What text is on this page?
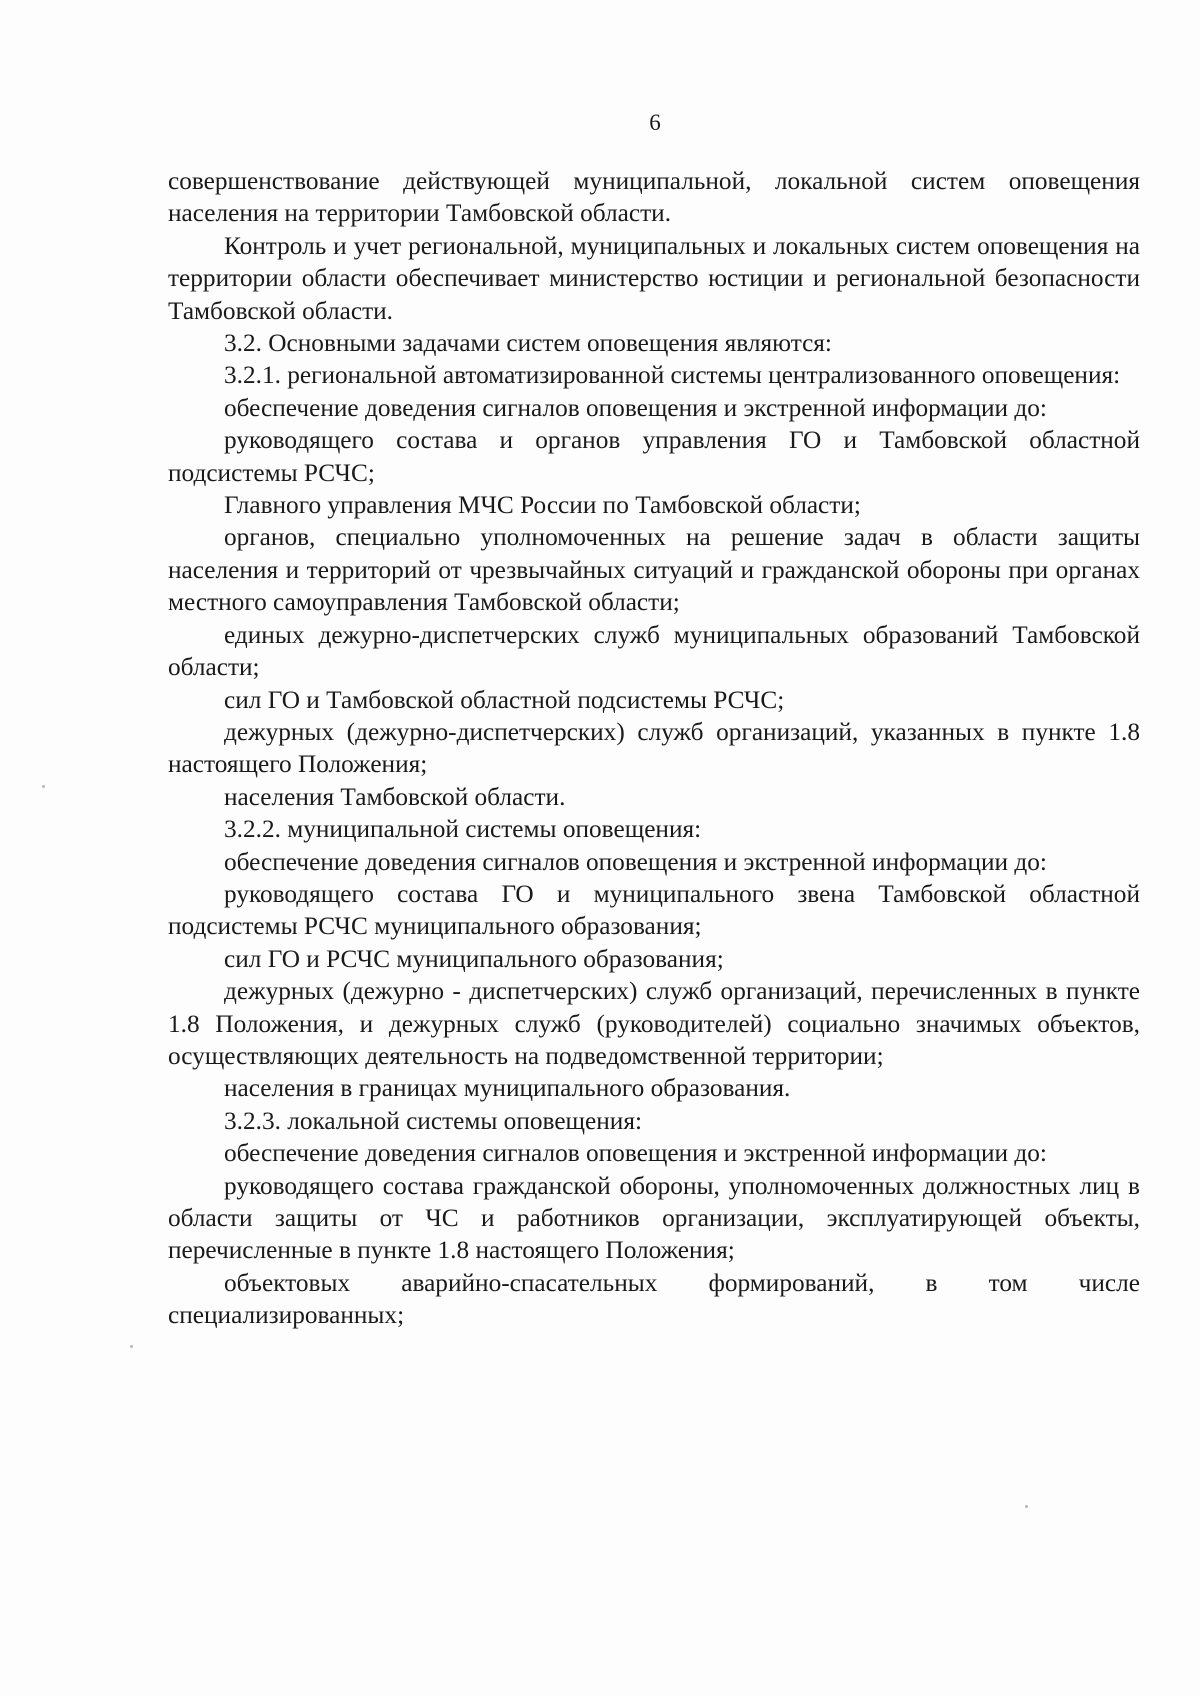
6

совершенствование действующей муниципальной, локальной систем оповещения населения на территории Тамбовской области.

Контроль и учет региональной, муниципальных и локальных систем оповещения на территории области обеспечивает министерство юстиции и региональной безопасности Тамбовской области.

3.2. Основными задачами систем оповещения являются:

3.2.1. региональной автоматизированной системы централизованного оповещения:

обеспечение доведения сигналов оповещения и экстренной информации до:

руководящего состава и органов управления ГО и Тамбовской областной подсистемы РСЧС;

Главного управления МЧС России по Тамбовской области;

органов, специально уполномоченных на решение задач в области защиты населения и территорий от чрезвычайных ситуаций и гражданской обороны при органах местного самоуправления Тамбовской области;

единых дежурно-диспетчерских служб муниципальных образований Тамбовской области;

сил ГО и Тамбовской областной подсистемы РСЧС;

дежурных (дежурно-диспетчерских) служб организаций, указанных в пункте 1.8 настоящего Положения;

населения Тамбовской области.

3.2.2. муниципальной системы оповещения:

обеспечение доведения сигналов оповещения и экстренной информации до:

руководящего состава ГО и муниципального звена Тамбовской областной подсистемы РСЧС муниципального образования;

сил ГО и РСЧС муниципального образования;

дежурных (дежурно - диспетчерских) служб организаций, перечисленных в пункте 1.8 Положения, и дежурных служб (руководителей) социально значимых объектов, осуществляющих деятельность на подведомственной территории;

населения в границах муниципального образования.

3.2.3. локальной системы оповещения:

обеспечение доведения сигналов оповещения и экстренной информации до:

руководящего состава гражданской обороны, уполномоченных должностных лиц в области защиты от ЧС и работников организации, эксплуатирующей объекты, перечисленные в пункте 1.8 настоящего Положения;

объектовых аварийно-спасательных формирований, в том числе специализированных;
